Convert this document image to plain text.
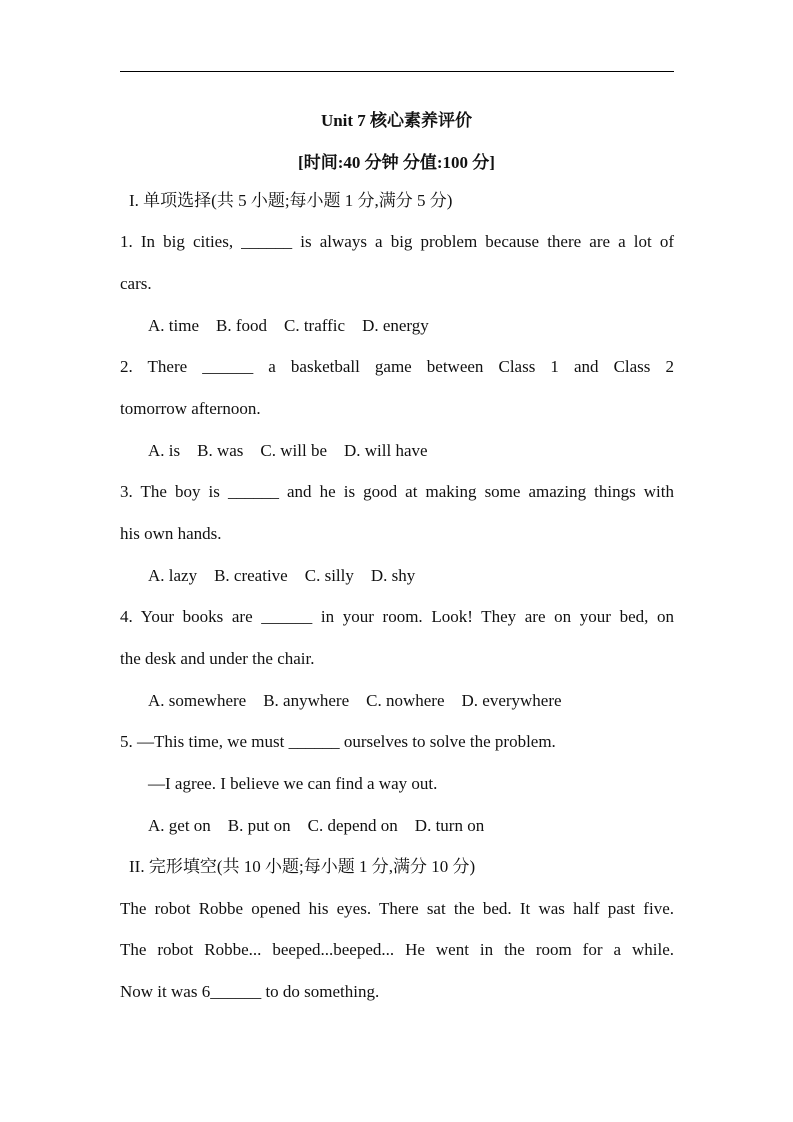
Unit 7 核心素养评价
[时间:40 分钟 分值:100 分]
I. 单项选择(共 5 小题;每小题 1 分,满分 5 分)
1. In big cities, ______ is always a big problem because there are a lot of
cars.
A. time B. food C. traffic D. energy
2. There ______ a basketball game between Class 1 and Class 2
tomorrow afternoon.
A. is B. was C. will be D. will have
3. The boy is ______ and he is good at making some amazing things with
his own hands.
A. lazy B. creative C. silly D. shy
4. Your books are ______ in your room. Look! They are on your bed, on
the desk and under the chair.
A. somewhere B. anywhere C. nowhere D. everywhere
5. —This time, we must ______ ourselves to solve the problem.
—I agree. I believe we can find a way out.
A. get on B. put on C. depend on D. turn on
II. 完形填空(共 10 小题;每小题 1 分,满分 10 分)
The robot Robbe opened his eyes. There sat the bed. It was half past five.
The robot Robbe... beeped...beeped... He went in the room for a while.
Now it was 6______ to do something.
